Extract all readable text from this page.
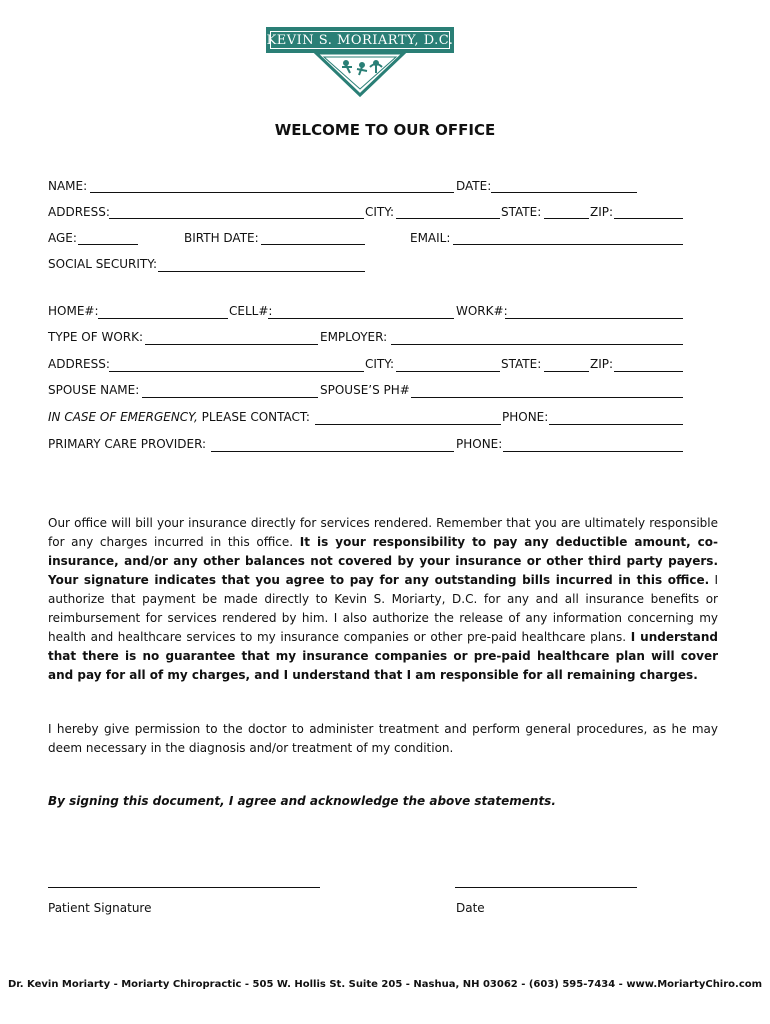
KEVIN S. MORIARTY, D.C.
WELCOME TO OUR OFFICE
NAME:	DATE:
ADDRESS:	CITY:	STATE:	ZIP:
AGE:	BIRTH DATE:	EMAIL:
SOCIAL SECURITY:
HOME#:	CELL#:	WORK#:
TYPE OF WORK:	EMPLOYER:
ADDRESS:	CITY:	STATE:	ZIP:
SPOUSE NAME:	SPOUSE’S PH#
IN CASE OF EMERGENCY, PLEASE CONTACT:	PHONE:
PRIMARY CARE PROVIDER:	PHONE:
Our office will bill your insurance directly for services rendered. Remember that you are ultimately responsible for any charges incurred in this office. It is your responsibility to pay any deductible amount, co-insurance, and/or any other balances not covered by your insurance or other third party payers. Your signature indicates that you agree to pay for any outstanding bills incurred in this office. I authorize that payment be made directly to Kevin S. Moriarty, D.C. for any and all insurance benefits or reimbursement for services rendered by him. I also authorize the release of any information concerning my health and healthcare services to my insurance companies or other pre-paid healthcare plans. I understand that there is no guarantee that my insurance companies or pre-paid healthcare plan will cover and pay for all of my charges, and I understand that I am responsible for all remaining charges.
I hereby give permission to the doctor to administer treatment and perform general procedures, as he may deem necessary in the diagnosis and/or treatment of my condition.
By signing this document, I agree and acknowledge the above statements.
Patient Signature	Date
Dr. Kevin Moriarty - Moriarty Chiropractic - 505 W. Hollis St. Suite 205 - Nashua, NH 03062 - (603) 595-7434 - www.MoriartyChiro.com
